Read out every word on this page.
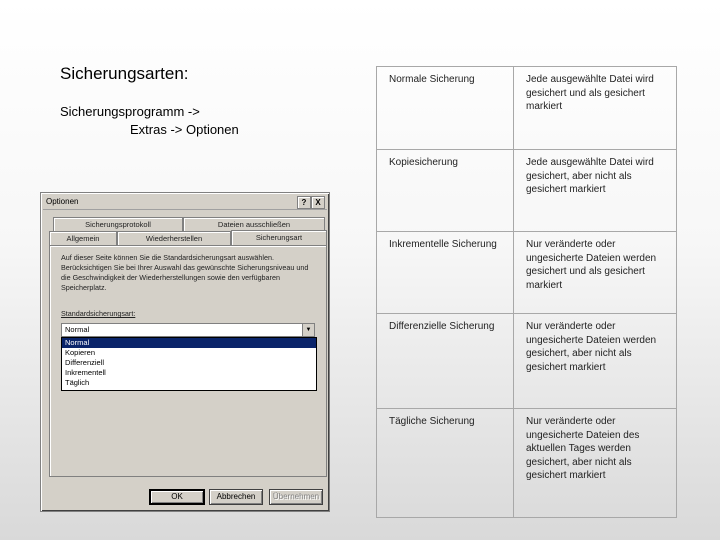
Sicherungsarten:
Sicherungsprogramm ->
Extras -> Optionen
Optionen	?	X
Sicherungsprotokoll	Dateien ausschließen
Allgemein	Wiederherstellen	Sicherungsart
Auf dieser Seite können Sie die Standardsicherungsart auswählen. Berücksichtigen Sie bei Ihrer Auswahl das gewünschte Sicherungsniveau und die Geschwindigkeit der Wiederherstellungen sowie den verfügbaren Speicherplatz.
Standardsicherungsart:
Normal	▼
Normal
Kopieren
Differenziell
Inkrementell
Täglich
OK	Abbrechen	Übernehmen
Normale Sicherung	Jede ausgewählte Datei wird gesichert und als gesichert markiert
Kopiesicherung	Jede ausgewählte Datei wird gesichert, aber nicht als gesichert markiert
Inkrementelle Sicherung	Nur veränderte oder ungesicherte Dateien werden gesichert und als gesichert markiert
Differenzielle Sicherung	Nur veränderte oder ungesicherte Dateien werden gesichert, aber nicht als gesichert markiert
Tägliche Sicherung	Nur veränderte oder ungesicherte Dateien des aktuellen Tages werden gesichert, aber nicht als gesichert markiert
